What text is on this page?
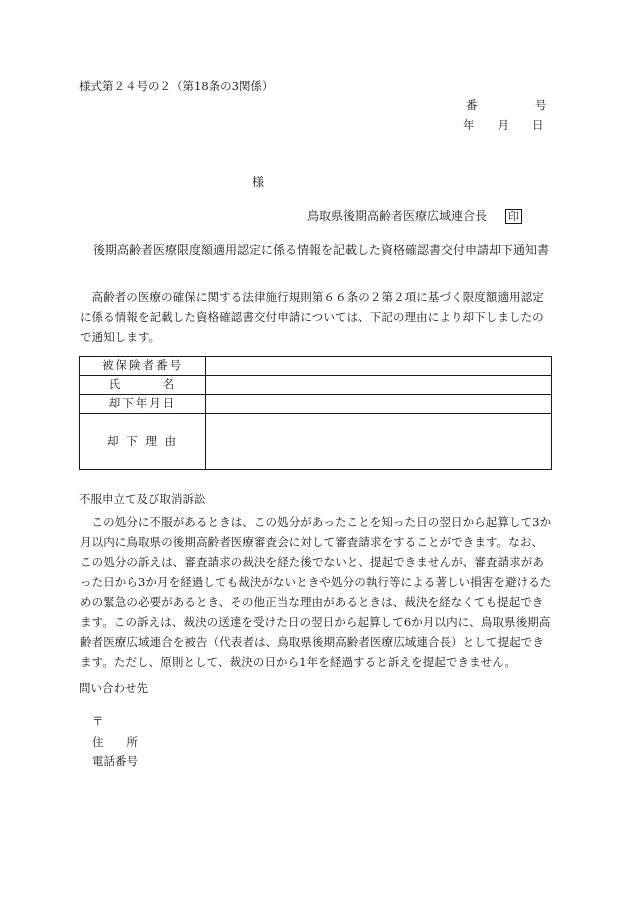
様式第２４号の２（第18条の3関係）
番　　　　　号
年　　月　　日
様
鳥取県後期高齢者医療広域連合長 印
後期高齢者医療限度額適用認定に係る情報を記載した資格確認書交付申請却下通知書
高齢者の医療の確保に関する法律施行規則第６６条の２第２項に基づく限度額適用認定に係る情報を記載した資格確認書交付申請については、下記の理由により却下しましたので通知します。
被保険者番号	
氏　　　名	
却下年月日	
却 下 理 由	
不服申立て及び取消訴訟
この処分に不服があるときは、この処分があったことを知った日の翌日から起算して3か月以内に鳥取県の後期高齢者医療審査会に対して審査請求をすることができます。なお、この処分の訴えは、審査請求の裁決を経た後でないと、提起できませんが、審査請求があった日から3か月を経過しても裁決がないときや処分の執行等による著しい損害を避けるための緊急の必要があるとき、その他正当な理由があるときは、裁決を経なくても提起できます。この訴えは、裁決の送達を受けた日の翌日から起算して6か月以内に、鳥取県後期高齢者医療広域連合を被告（代表者は、鳥取県後期高齢者医療広域連合長）として提起できます。ただし、原則として、裁決の日から1年を経過すると訴えを提起できません。
問い合わせ先
〒
住　　所
電話番号
